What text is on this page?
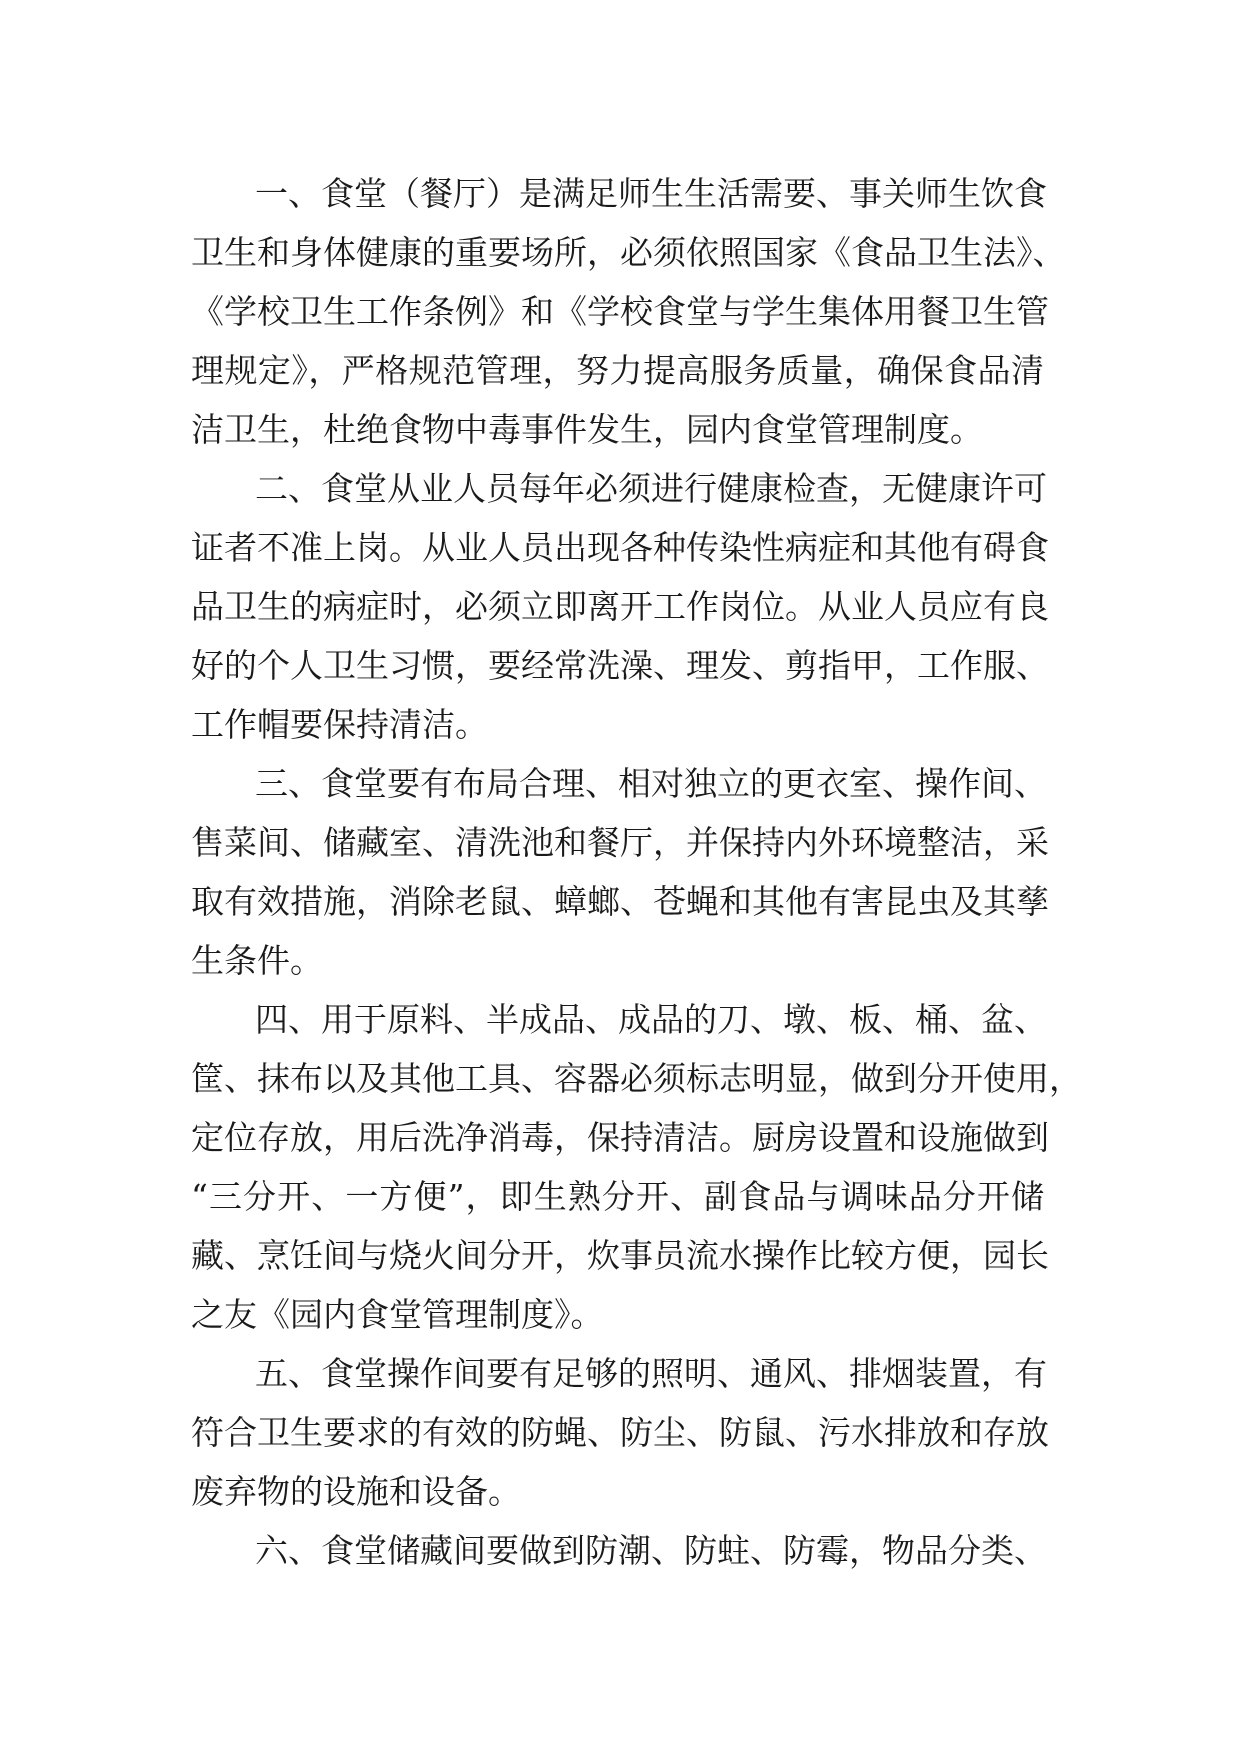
一、食堂（餐厅）是满足师生生活需要、事关师生饮食
卫生和身体健康的重要场所，必须依照国家《食品卫生法》、
《学校卫生工作条例》和《学校食堂与学生集体用餐卫生管
理规定》，严格规范管理，努力提高服务质量，确保食品清
洁卫生，杜绝食物中毒事件发生，园内食堂管理制度。
二、食堂从业人员每年必须进行健康检查，无健康许可
证者不准上岗。从业人员出现各种传染性病症和其他有碍食
品卫生的病症时，必须立即离开工作岗位。从业人员应有良
好的个人卫生习惯，要经常洗澡、理发、剪指甲，工作服、
工作帽要保持清洁。
三、食堂要有布局合理、相对独立的更衣室、操作间、
售菜间、储藏室、清洗池和餐厅，并保持内外环境整洁，采
取有效措施，消除老鼠、蟑螂、苍蝇和其他有害昆虫及其孳
生条件。
四、用于原料、半成品、成品的刀、墩、板、桶、盆、
筐、抹布以及其他工具、容器必须标志明显，做到分开使用，
定位存放，用后洗净消毒，保持清洁。厨房设置和设施做到
“三分开、一方便”，即生熟分开、副食品与调味品分开储
藏、烹饪间与烧火间分开，炊事员流水操作比较方便，园长
之友《园内食堂管理制度》。
五、食堂操作间要有足够的照明、通风、排烟装置，有
符合卫生要求的有效的防蝇、防尘、防鼠、污水排放和存放
废弃物的设施和设备。
六、食堂储藏间要做到防潮、防蛀、防霉，物品分类、
